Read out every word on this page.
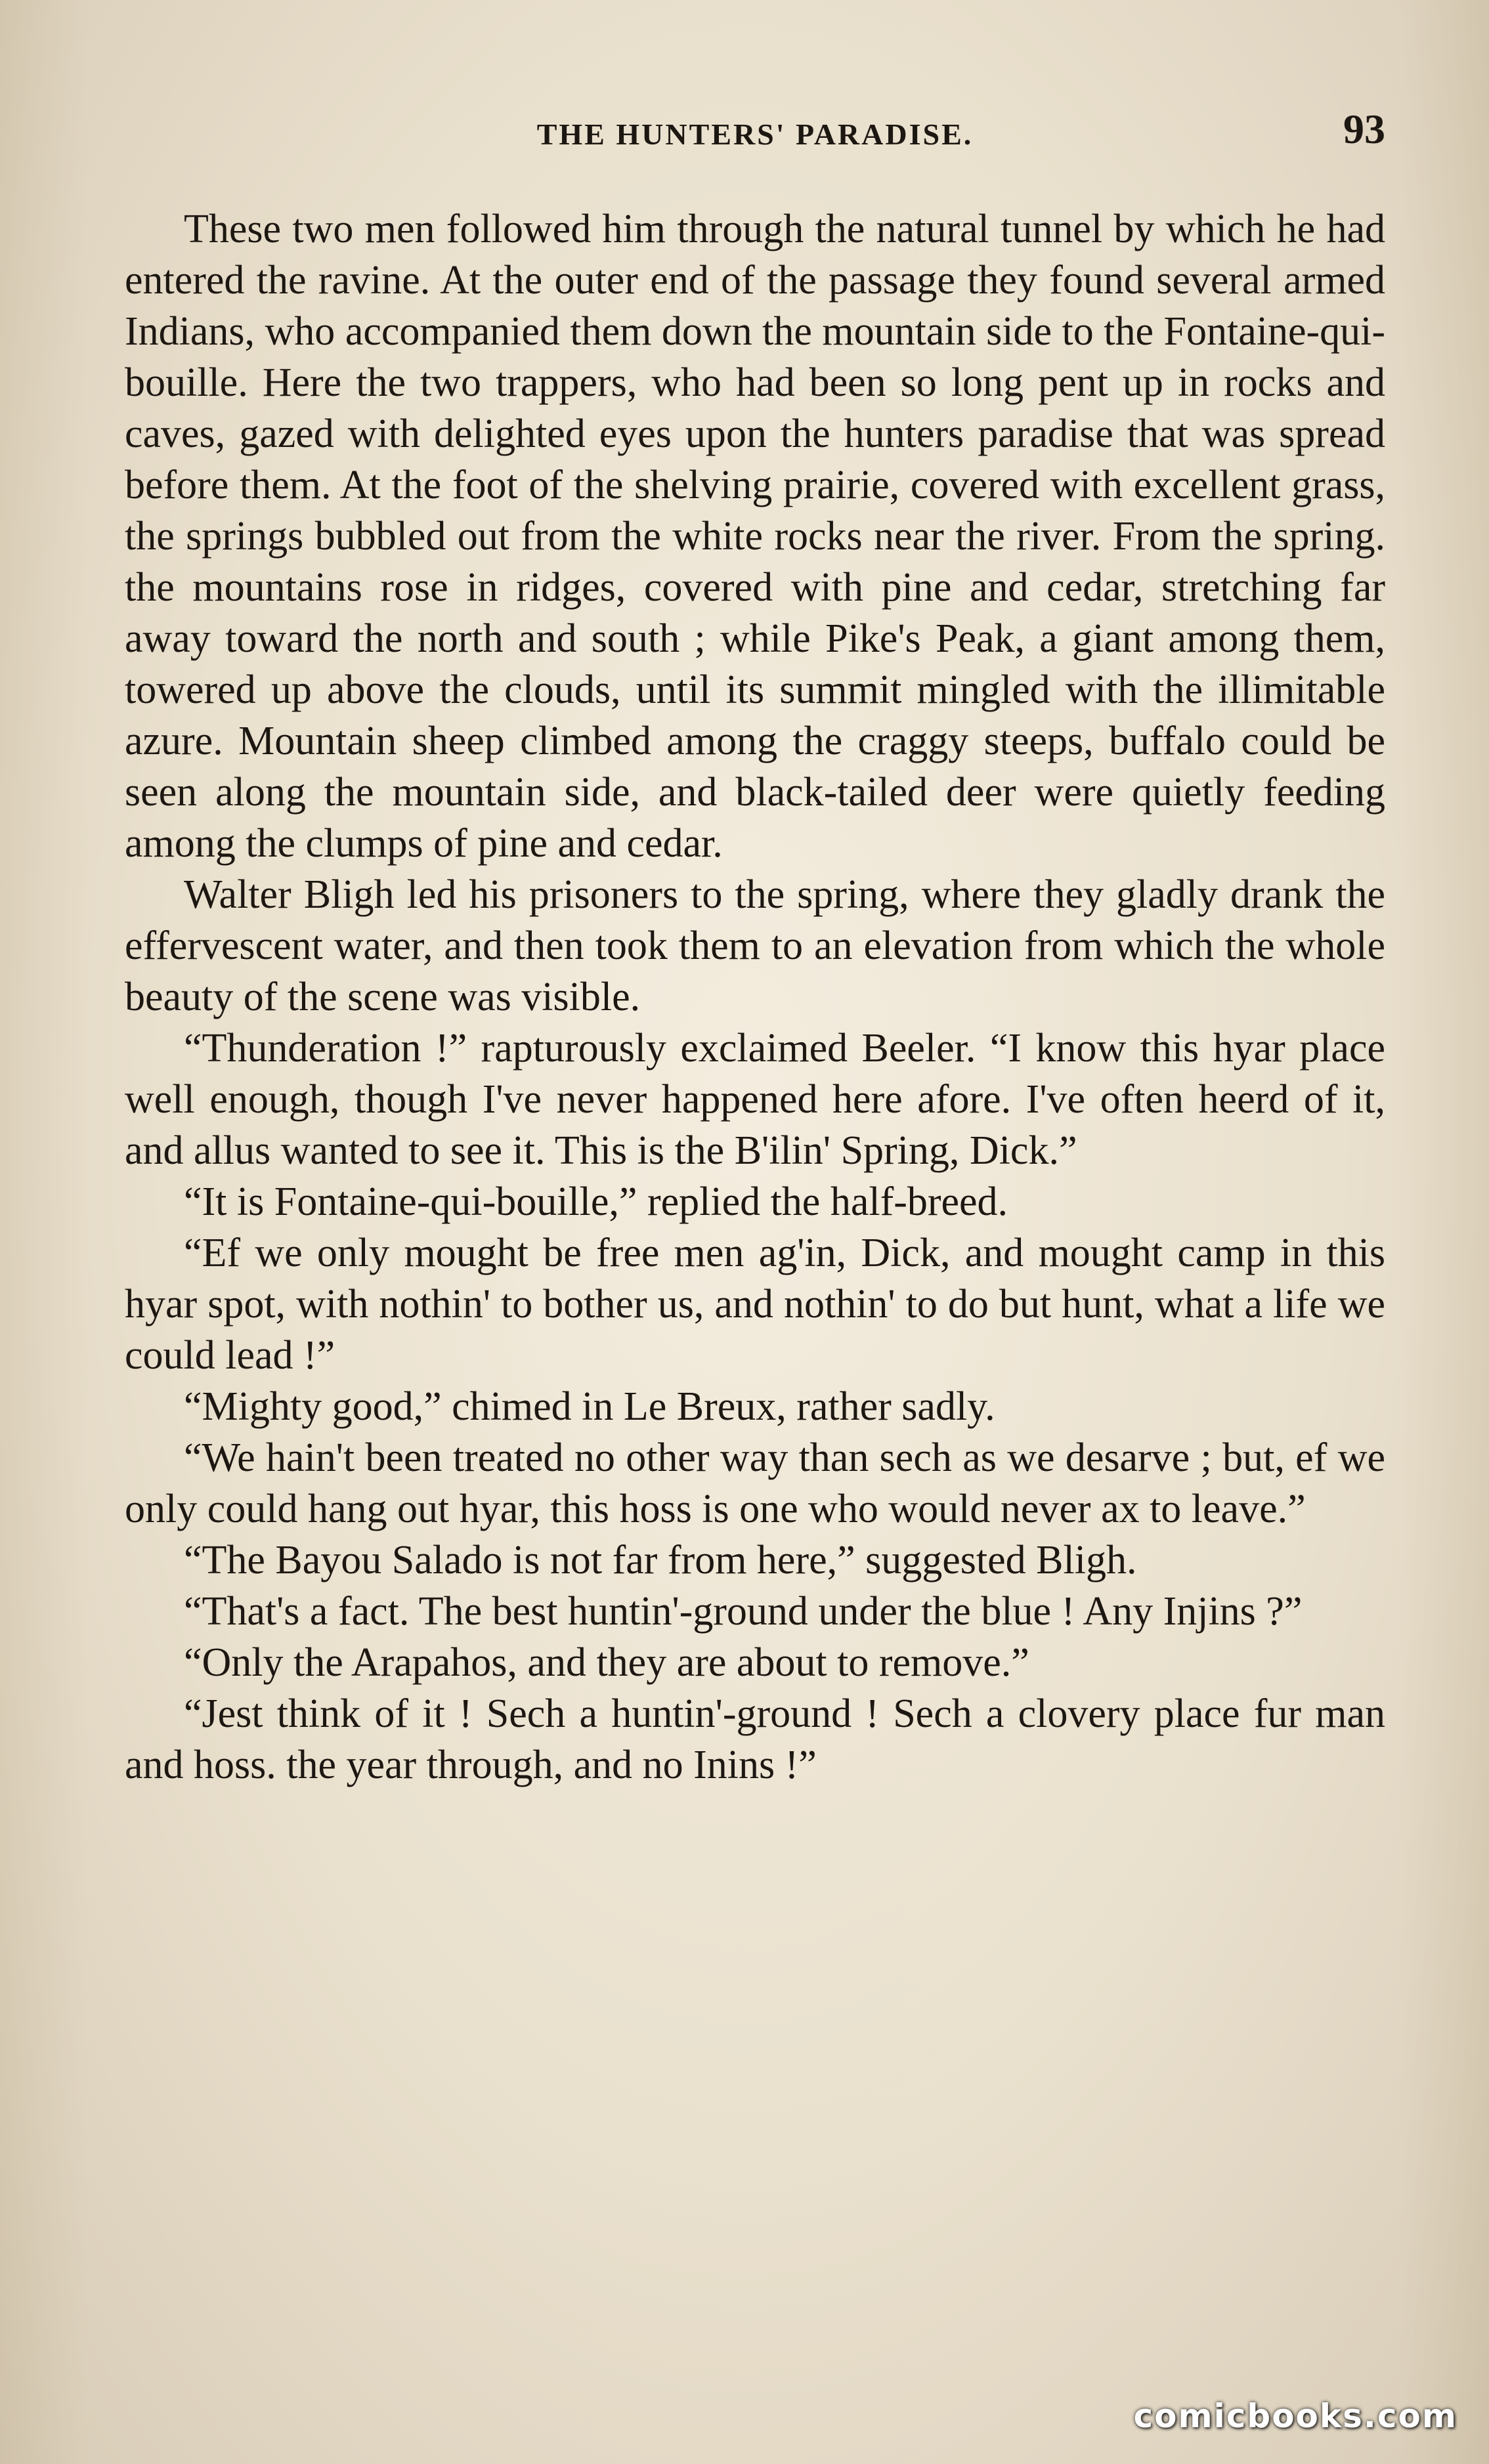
THE HUNTERS' PARADISE.	93

These two men followed him through the natural tunnel by which he had entered the ravine. At the outer end of the passage they found several armed Indians, who accompanied them down the mountain side to the Fontaine-qui-bouille. Here the two trappers, who had been so long pent up in rocks and caves, gazed with delighted eyes upon the hunters paradise that was spread before them. At the foot of the shelving prairie, covered with excellent grass, the springs bubbled out from the white rocks near the river. From the spring. the mountains rose in ridges, covered with pine and cedar, stretching far away toward the north and south ; while Pike's Peak, a giant among them, towered up above the clouds, until its summit mingled with the illimitable azure. Mountain sheep climbed among the craggy steeps, buffalo could be seen along the mountain side, and black-tailed deer were quietly feeding among the clumps of pine and cedar.

Walter Bligh led his prisoners to the spring, where they gladly drank the effervescent water, and then took them to an elevation from which the whole beauty of the scene was visible.

“Thunderation !” rapturously exclaimed Beeler. “I know this hyar place well enough, though I've never happened here afore. I've often heerd of it, and allus wanted to see it. This is the B'ilin' Spring, Dick.”

“It is Fontaine-qui-bouille,” replied the half-breed.

“Ef we only mought be free men ag'in, Dick, and mought camp in this hyar spot, with nothin' to bother us, and nothin' to do but hunt, what a life we could lead !”

“Mighty good,” chimed in Le Breux, rather sadly.

“We hain't been treated no other way than sech as we desarve ; but, ef we only could hang out hyar, this hoss is one who would never ax to leave.”

“The Bayou Salado is not far from here,” suggested Bligh.

“That's a fact. The best huntin'-ground under the blue ! Any Injins ?”

“Only the Arapahos, and they are about to remove.”

“Jest think of it ! Sech a huntin'-ground ! Sech a clovery place fur man and hoss. the year through, and no Inins !”

comicbooks.com
